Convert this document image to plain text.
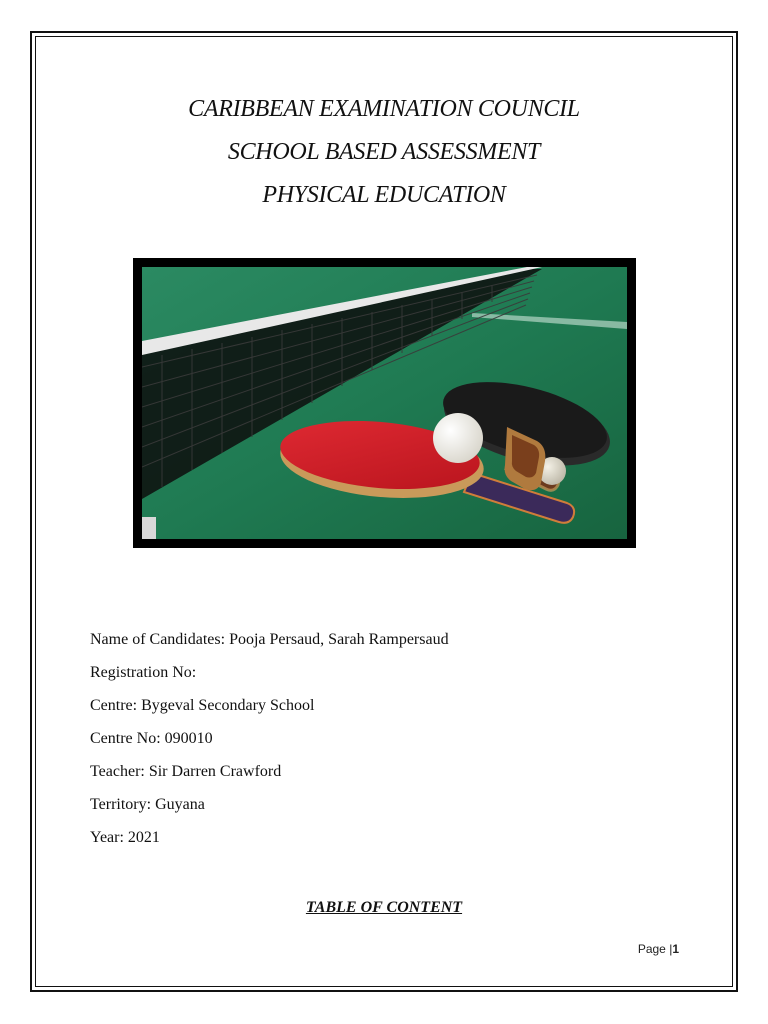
CARIBBEAN EXAMINATION COUNCIL

SCHOOL BASED ASSESSMENT

PHYSICAL EDUCATION

Name of Candidates: Pooja Persaud, Sarah Rampersaud
Registration No:
Centre: Bygeval Secondary School
Centre No: 090010
Teacher: Sir Darren Crawford
Territory: Guyana
Year: 2021
TABLE OF CONTENT
Page |1
